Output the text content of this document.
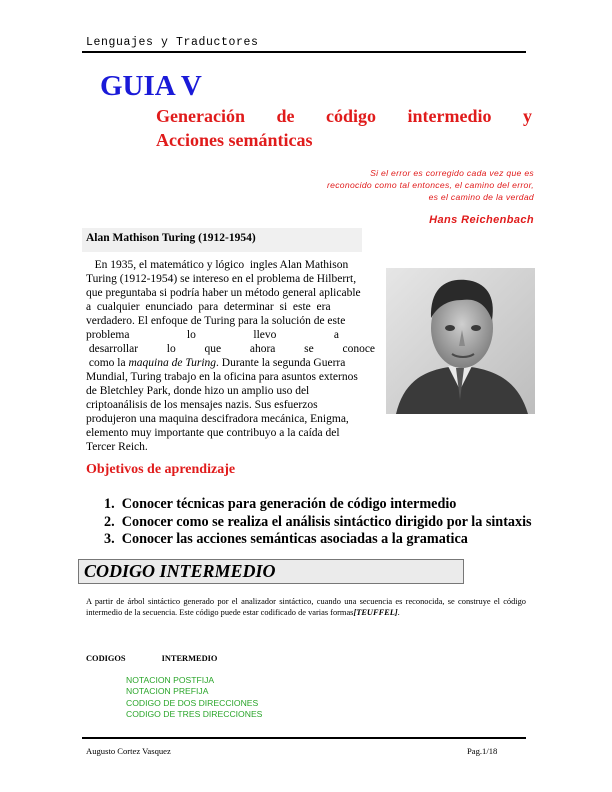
Lenguajes y Traductores
GUIA V
Generación de código intermedio y
Acciones semánticas
Si el error es corregido cada vez que es
reconocido como tal entonces, el camino del error,
es el camino de la verdad
Hans Reichenbach
Alan Mathison Turing (1912-1954)

En 1935, el matemático y lógico  ingles Alan Mathison

Turing (1912-1954) se intereso en el problema de Hilberrt,

que preguntaba si podría haber un método general aplicable

a  cualquier  enunciado  para  determinar  si  este  era

verdadero. El enfoque de Turing para la solución de este

problema                    lo                    llevo                    a

desarrollar          lo          que          ahora          se          conoce

como la maquina de Turing. Durante la segunda Guerra

Mundial, Turing trabajo en la oficina para asuntos externos

de Bletchley Park, donde hizo un amplio uso del

criptoanálisis de los mensajes nazis. Sus esfuerzos

produjeron una maquina descifradora mecánica, Enigma,

elemento muy importante que contribuyo a la caída del

Tercer Reich.

Objetivos de aprendizaje
1.  Conocer técnicas para generación de código intermedio
2.  Conocer como se realiza el análisis sintáctico dirigido por la sintaxis
3.  Conocer las acciones semánticas asociadas a la gramatica
CODIGO INTERMEDIO
A partir de árbol sintáctico generado por el analizador sintáctico, cuando una secuencia es reconocida, se construye el código intermedio de la secuencia. Este código puede estar codificado de varias formas[TEUFFEL].
CODIGOS	INTERMEDIO
NOTACION POSTFIJA
NOTACION PREFIJA
CODIGO DE DOS DIRECCIONES
CODIGO DE TRES DIRECCIONES
Augusto Cortez Vasquez	Pag.1/18
